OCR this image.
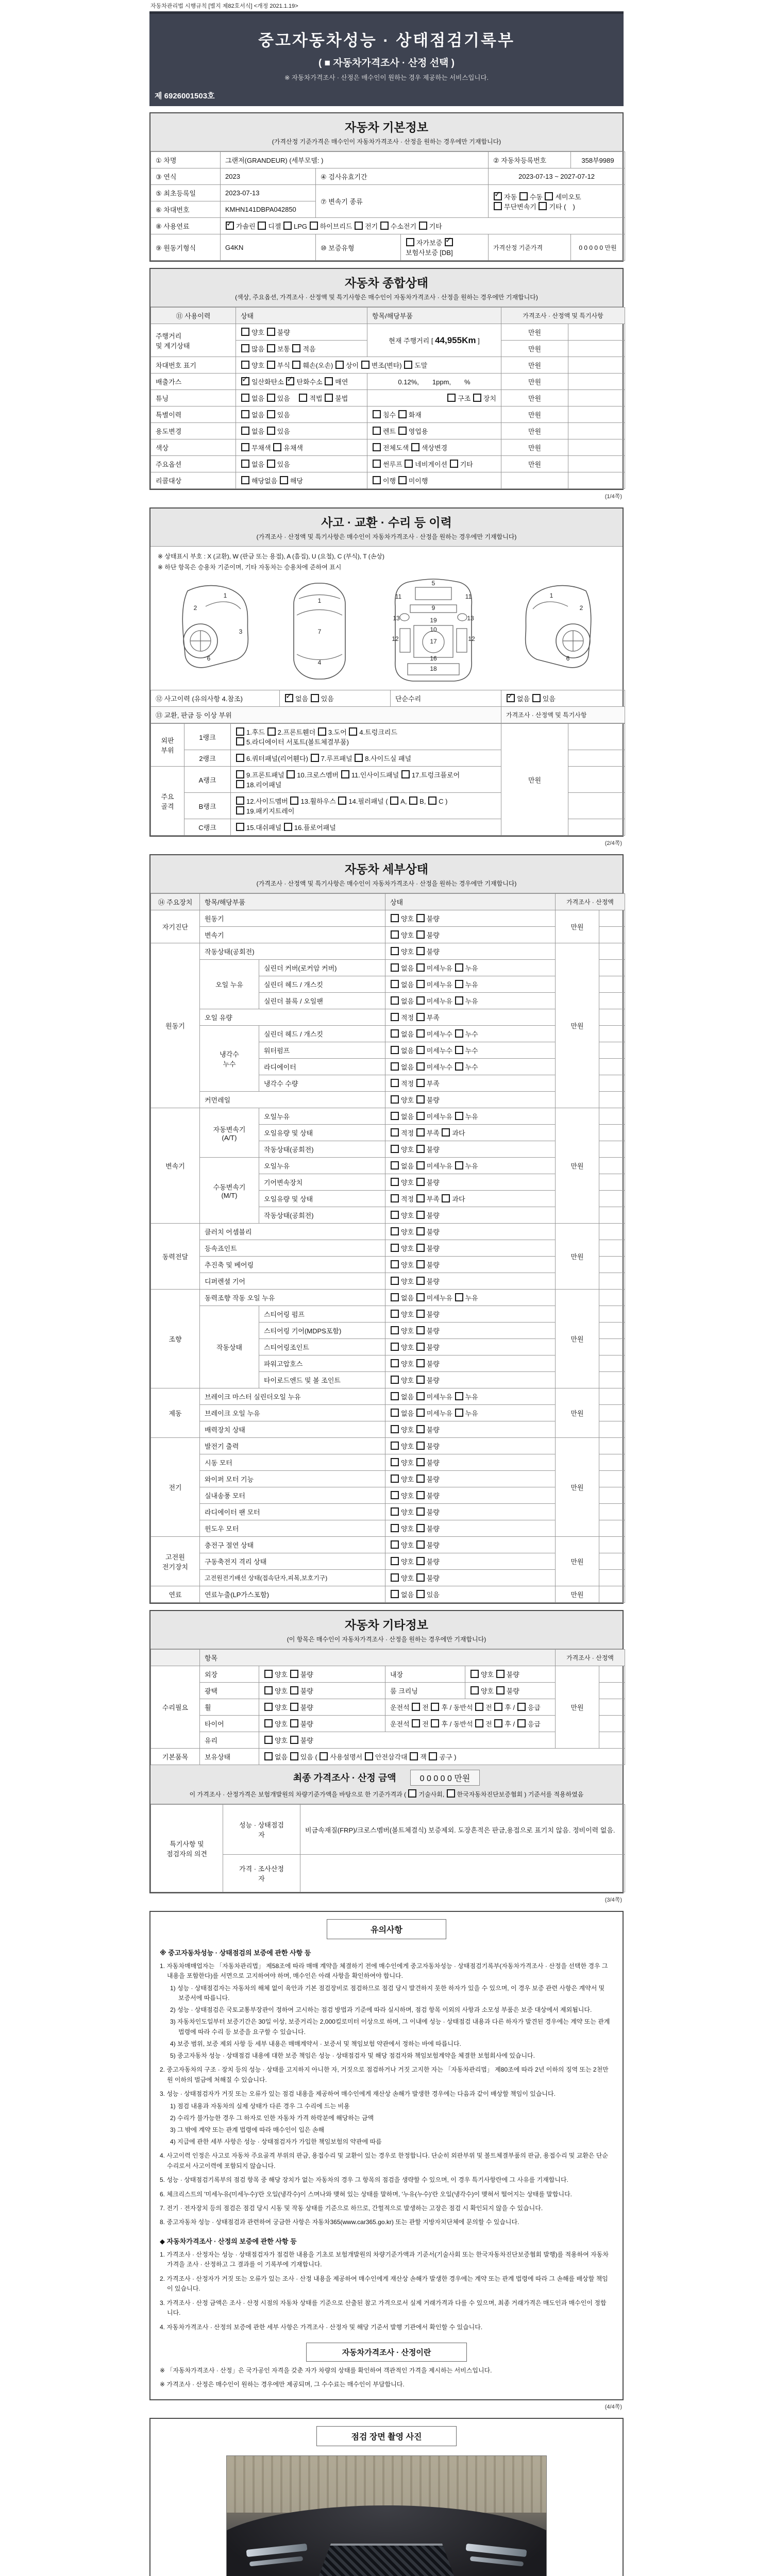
자동차관리법 시행규칙 [별지 제82호서식] <개정 2021.1.19>
중고자동차성능 · 상태점검기록부
( ■ 자동차가격조사 · 산정 선택 )
※ 자동차가격조사 · 산정은 매수인이 원하는 경우 제공하는 서비스입니다.
제 6926001503호
자동차 기본정보
(가격산정 기준가격은 매수인이 자동차가격조사 · 산정을 원하는 경우에만 기재합니다)
① 차명	그랜저(GRANDEUR) (세부모델: )			② 자동차등록번호	358부9989
③ 연식	2023	④ 검사유효기간		2023-07-13 ~ 2027-07-12	
⑤ 최초등록일	2023-07-13	⑦ 변속기 종류	✓자동 수동 세미오토
무단변속기 기타 (　)
⑥ 차대번호	KMHN141DBPA042850				
⑧ 사용연료	✓가솔린 디젤 LPG 하이브리드 전기 수소전기 기타
⑨ 원동기형식	G4KN	⑩ 보증유형	자가보증 ✓보험사보증 [DB]	가격산정 기준가격	0 0 0 0 0 만원
자동차 종합상태
(색상, 주요옵션, 가격조사 · 산정액 및 특기사항은 매수인이 자동차가격조사 · 산정을 원하는 경우에만 기재합니다)
⑪ 사용이력	상태	항목/해당부품	가격조사 · 산정액 및 특기사항	
주행거리
및 계기상태	양호 불량	현재 주행거리 [ 44,955Km ]	만원	
	많음 보통 적음		만원	
차대번호 표기	양호 부식 훼손(오손) 상이 변조(변타) 도말		만원	
배출가스	✓일산화탄소 ✓탄화수소 매연	0.12%,　　1ppm,　　%	만원	
튜닝	없음 있음　 적법 불법	구조 장치	만원	
특별이력	없음 있음	침수 화재	만원	
용도변경	없음 있음	렌트 영업용	만원	
색상	무채색 유채색	전체도색 색상변경	만원	
주요옵션	없음 있음	썬루프 네비게이션 기타	만원	
리콜대상	해당없음 해당	이행 미이행		
(1/4쪽)
사고 · 교환 · 수리 등 이력
(가격조사 · 산정액 및 특기사항은 매수인이 자동차가격조사 · 산정을 원하는 경우에만 기재합니다)
※ 상태표시 부호 : X (교환), W (판금 또는 용접), A (흠집), U (요철), C (부식), T (손상)
※ 하단 항목은 승용차 기준이며, 기타 자동차는 승용차에 준하여 표시
1
2
3
6
1
7
4
5
11	11
9
13	13
19
10
12	12
17
16
18
1
2
6
⑫ 사고이력 (유의사항 4.참조)	✓없음 있음	단순수리	✓없음 있음
⑬ 교환, 판금 등 이상 부위			가격조사 · 산정액 및 특기사항
외판
부위	1랭크	1.후드 2.프론트휀더 3.도어 4.트렁크리드
5.라디에이터 서포트(볼트체결부품)	만원	
	2랭크	6.쿼터패널(리어휀다) 7.루프패널 8.사이드실 패널		
주요
골격	A랭크	9.프론트패널 10.크로스멤버 11.인사이드패널 17.트렁크플로어
18.리어패널		
	B랭크	12.사이드멤버 13.휠하우스 14.필러패널 ( A, B, C )
19.패키지트레이		
	C랭크	15.대쉬패널 16.플로어패널		
(2/4쪽)
자동차 세부상태
(가격조사 · 산정액 및 특기사항은 매수인이 자동차가격조사 · 산정을 원하는 경우에만 기재합니다)
⑭ 주요장치	항목/해당부품		상태	가격조사 · 산정액	
자기진단	원동기		양호 불량	만원	
	변속기		양호 불량		
원동기	작동상태(공회전)		양호 불량	만원	
	오일 누유	실린더 커버(로커암 커버)	없음 미세누유 누유		
		실린더 헤드 / 개스킷	없음 미세누유 누유		
		실린더 블록 / 오일팬	없음 미세누유 누유		
	오일 유량		적정 부족		
	냉각수
누수	실린더 헤드 / 개스킷	없음 미세누수 누수		
		워터펌프	없음 미세누수 누수		
		라디에이터	없음 미세누수 누수		
		냉각수 수량	적정 부족		
	커먼레일		양호 불량		
변속기	자동변속기
(A/T)	오일누유	없음 미세누유 누유	만원	
		오일유량 및 상태	적정 부족 과다		
		작동상태(공회전)	양호 불량		
	수동변속기
(M/T)	오일누유	없음 미세누유 누유		
		기어변속장치	양호 불량		
		오일유량 및 상태	적정 부족 과다		
		작동상태(공회전)	양호 불량		
동력전달	클러치 어셈블리		양호 불량	만원	
	등속죠인트		양호 불량		
	추진축 및 베어링		양호 불량		
	디퍼렌셜 기어		양호 불량		
조향	동력조향 작동 오일 누유		없음 미세누유 누유	만원	
	작동상태	스티어링 펌프	양호 불량		
		스티어링 기어(MDPS포함)	양호 불량		
		스티어링조인트	양호 불량		
		파워고압호스	양호 불량		
		타이로드엔드 및 볼 조인트	양호 불량		
제동	브레이크 마스터 실린더오일 누유		없음 미세누유 누유	만원	
	브레이크 오일 누유		없음 미세누유 누유		
	배력장치 상태		양호 불량		
전기	발전기 출력		양호 불량	만원	
	시동 모터		양호 불량		
	와이퍼 모터 기능		양호 불량		
	실내송풍 모터		양호 불량		
	라디에이터 팬 모터		양호 불량		
	윈도우 모터		양호 불량		
고전원
전기장치	충전구 절연 상태		양호 불량	만원	
	구동축전지 격리 상태		양호 불량		
	고전원전기배선 상태(접속단자,피복,보호기구)		양호 불량		
연료	연료누출(LP가스포함)		없음 있음	만원	
자동차 기타정보
(이 항목은 매수인이 자동차가격조사 · 산정을 원하는 경우에만 기재합니다)
	항목				가격조사 · 산정액	
수리필요	외장	양호 불량	내장	양호 불량	만원	
	광택	양호 불량	룸 크리닝	양호 불량		
	휠	양호 불량	운전석 전 후 / 동반석 전 후 / 응급			
	타이어	양호 불량	운전석 전 후 / 동반석 전 후 / 응급			
	유리	양호 불량				
기본품목	보유상태	없음 있음 ( 사용설명서 안전삼각대 잭 공구 )				
최종 가격조사 · 산정 금액	0 0 0 0 0 만원
이 가격조사 · 산정가격은 보험개발원의 차량기준가액을 바탕으로 한 기준가격과 ( 기술사회, 한국자동차진단보증협회 ) 기준서를 적용하였음
특기사항 및
점검자의 의견	성능 · 상태점검
자	비금속재질(FRP)/크로스멤버(볼트체결식) 보증제외. 도장흔적은 판금,용접으로 표기치 않음. 정비이력 없음.
	가격 · 조사산정
자	
(3/4쪽)
유의사항

※ 중고자동차성능 · 상태점검의 보증에 관한 사항 등

1. 자동차매매업자는 「자동차관리법」 제58조에 따라 매매 계약을 체결하기 전에 매수인에게 중고자동차성능 · 상태점검기록부(자동차가격조사 · 산정을 선택한 경우 그 내용을 포함한다)를 서면으로 고지하여야 하며, 매수인은 아래 사항을 확인하여야 합니다.

1) 성능 · 상태점검자는 자동차의 해체 없이 육안과 기본 점검장비로 점검하므로 점검 당시 발견하지 못한 하자가 있을 수 있으며, 이 경우 보증 관련 사항은 계약서 및 보증서에 따릅니다.

2) 성능 · 상태점검은 국토교통부장관이 정하여 고시하는 점검 방법과 기준에 따라 실시하며, 점검 항목 이외의 사항과 소모성 부품은 보증 대상에서 제외됩니다.

3) 자동차인도일부터 보증기간은 30일 이상, 보증거리는 2,000킬로미터 이상으로 하며, 그 이내에 성능 · 상태점검 내용과 다른 하자가 발견된 경우에는 계약 또는 관계 법령에 따라 수리 등 보증을 요구할 수 있습니다.

4) 보증 범위, 보증 제외 사항 등 세부 내용은 매매계약서 · 보증서 및 책임보험 약관에서 정하는 바에 따릅니다.

5) 중고자동차 성능 · 상태점검 내용에 대한 보증 책임은 성능 · 상태점검자 및 해당 점검자와 책임보험계약을 체결한 보험회사에 있습니다.

2. 중고자동차의 구조 · 장치 등의 성능 · 상태를 고지하지 아니한 자, 거짓으로 점검하거나 거짓 고지한 자는 「자동차관리법」 제80조에 따라 2년 이하의 징역 또는 2천만원 이하의 벌금에 처해질 수 있습니다.

3. 성능 · 상태점검자가 거짓 또는 오류가 있는 점검 내용을 제공하여 매수인에게 재산상 손해가 발생한 경우에는 다음과 같이 배상할 책임이 있습니다.

1) 점검 내용과 자동차의 실제 상태가 다른 경우 그 수리에 드는 비용

2) 수리가 불가능한 경우 그 하자로 인한 자동차 가격 하락분에 해당하는 금액

3) 그 밖에 계약 또는 관계 법령에 따라 매수인이 입은 손해

4) 지급에 관한 세부 사항은 성능 · 상태점검자가 가입한 책임보험의 약관에 따름

4. 사고이력 인정은 사고로 자동차 주요골격 부위의 판금, 용접수리 및 교환이 있는 경우로 한정합니다. 단순히 외판부위 및 볼트체결부품의 판금, 용접수리 및 교환은 단순수리로서 사고이력에 포함되지 않습니다.

5. 성능 · 상태점검기록부의 점검 항목 중 해당 장치가 없는 자동차의 경우 그 항목의 점검을 생략할 수 있으며, 이 경우 특기사항란에 그 사유를 기재합니다.

6. 체크리스트의 '미세누유(미세누수)'란 오일(냉각수)이 스며나와 맺혀 있는 상태를 말하며, '누유(누수)'란 오일(냉각수)이 맺혀서 떨어지는 상태를 말합니다.

7. 전기 · 전자장치 등의 점검은 점검 당시 시동 및 작동 상태를 기준으로 하므로, 간헐적으로 발생하는 고장은 점검 시 확인되지 않을 수 있습니다.

8. 중고자동차 성능 · 상태점검과 관련하여 궁금한 사항은 자동차365(www.car365.go.kr) 또는 관할 지방자치단체에 문의할 수 있습니다.

◆ 자동차가격조사 · 산정의 보증에 관한 사항 등

1. 가격조사 · 산정자는 성능 · 상태점검자가 점검한 내용을 기초로 보험개발원의 차량기준가액과 기준서(기술사회 또는 한국자동차진단보증협회 발행)를 적용하여 자동차 가격을 조사 · 산정하고 그 결과를 이 기록부에 기재합니다.

2. 가격조사 · 산정자가 거짓 또는 오류가 있는 조사 · 산정 내용을 제공하여 매수인에게 재산상 손해가 발생한 경우에는 계약 또는 관계 법령에 따라 그 손해를 배상할 책임이 있습니다.

3. 가격조사 · 산정 금액은 조사 · 산정 시점의 자동차 상태를 기준으로 산출된 참고 가격으로서 실제 거래가격과 다를 수 있으며, 최종 거래가격은 매도인과 매수인이 정합니다.

4. 자동차가격조사 · 산정의 보증에 관한 세부 사항은 가격조사 · 산정자 및 해당 기준서 발행 기관에서 확인할 수 있습니다.

자동차가격조사 · 산정이란

※ 「자동차가격조사 · 산정」은 국가공인 자격을 갖춘 자가 차량의 상태를 확인하여 객관적인 가격을 제시하는 서비스입니다.

※ 가격조사 · 산정은 매수인이 원하는 경우에만 제공되며, 그 수수료는 매수인이 부담합니다.

(4/4쪽)
점검 장면 촬영 사진
